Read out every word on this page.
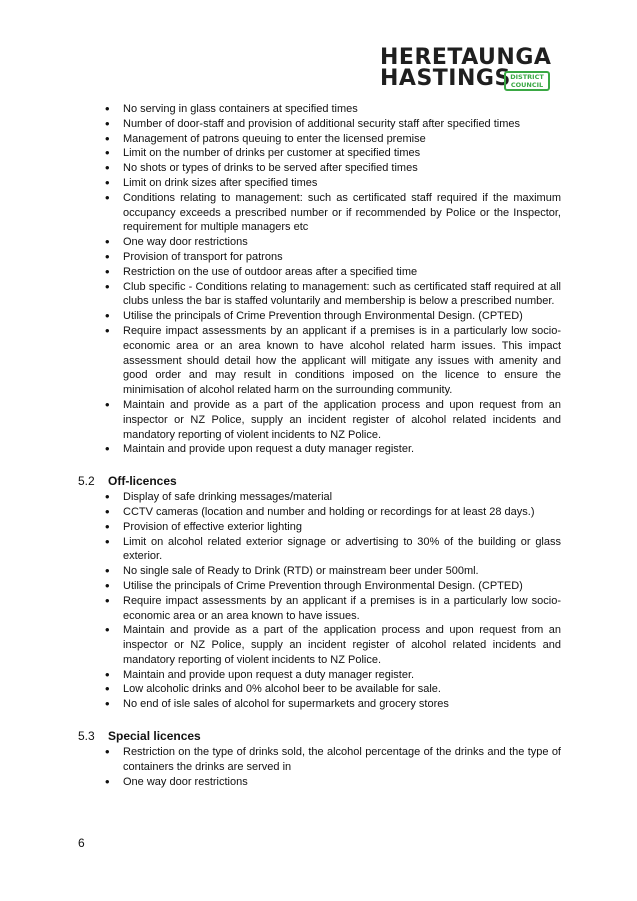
HERETAUNGA
HASTINGS DISTRICT
COUNCIL
• No serving in glass containers at specified times
• Number of door-staff and provision of additional security staff after specified times
• Management of patrons queuing to enter the licensed premise
• Limit on the number of drinks per customer at specified times
• No shots or types of drinks to be served after specified times
• Limit on drink sizes after specified times
• Conditions relating to management: such as certificated staff required if the maximum occupancy exceeds a prescribed number or if recommended by Police or the Inspector, requirement for multiple managers etc
• One way door restrictions
• Provision of transport for patrons
• Restriction on the use of outdoor areas after a specified time
• Club specific - Conditions relating to management: such as certificated staff required at all clubs unless the bar is staffed voluntarily and membership is below a prescribed number.
• Utilise the principals of Crime Prevention through Environmental Design. (CPTED)
• Require impact assessments by an applicant if a premises is in a particularly low socio-economic area or an area known to have alcohol related harm issues. This impact assessment should detail how the applicant will mitigate any issues with amenity and good order and may result in conditions imposed on the licence to ensure the minimisation of alcohol related harm on the surrounding community.
• Maintain and provide as a part of the application process and upon request from an inspector or NZ Police, supply an incident register of alcohol related incidents and mandatory reporting of violent incidents to NZ Police.
• Maintain and provide upon request a duty manager register.
5.2 Off-licences
• Display of safe drinking messages/material
• CCTV cameras (location and number and holding or recordings for at least 28 days.)
• Provision of effective exterior lighting
• Limit on alcohol related exterior signage or advertising to 30% of the building or glass exterior.
• No single sale of Ready to Drink (RTD) or mainstream beer under 500ml.
• Utilise the principals of Crime Prevention through Environmental Design. (CPTED)
• Require impact assessments by an applicant if a premises is in a particularly low socio-economic area or an area known to have issues.
• Maintain and provide as a part of the application process and upon request from an inspector or NZ Police, supply an incident register of alcohol related incidents and mandatory reporting of violent incidents to NZ Police.
• Maintain and provide upon request a duty manager register.
• Low alcoholic drinks and 0% alcohol beer to be available for sale.
• No end of isle sales of alcohol for supermarkets and grocery stores
5.3 Special licences
• Restriction on the type of drinks sold, the alcohol percentage of the drinks and the type of containers the drinks are served in
• One way door restrictions
6
